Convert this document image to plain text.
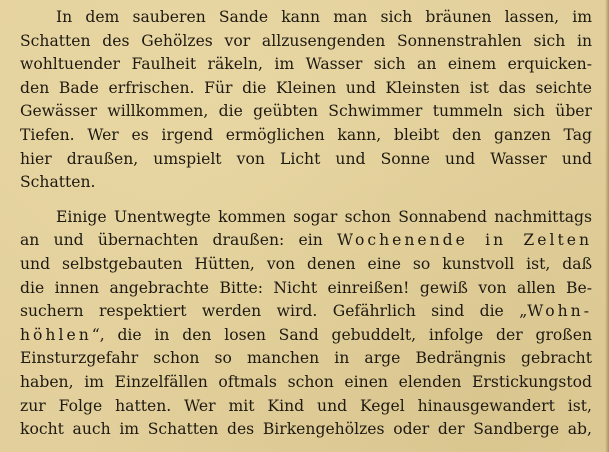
In dem sauberen Sande kann man sich bräunen lassen, im
Schatten des Gehölzes vor allzusengenden Sonnenstrahlen sich in
wohltuender Faulheit räkeln, im Wasser sich an einem erquicken-
den Bade erfrischen. Für die Kleinen und Kleinsten ist das seichte
Gewässer willkommen, die geübten Schwimmer tummeln sich über
Tiefen. Wer es irgend ermöglichen kann, bleibt den ganzen Tag
hier draußen, umspielt von Licht und Sonne und Wasser und
Schatten.
Einige Unentwegte kommen sogar schon Sonnabend nachmittags
an und übernachten draußen: ein Wochenende in Zelten
und selbstgebauten Hütten, von denen eine so kunstvoll ist, daß
die innen angebrachte Bitte: Nicht einreißen! gewiß von allen Be-
suchern respektiert werden wird. Gefährlich sind die „Wohn-
höhlen“, die in den losen Sand gebuddelt, infolge der großen
Einsturzgefahr schon so manchen in arge Bedrängnis gebracht
haben, im Einzelfällen oftmals schon einen elenden Erstickungstod
zur Folge hatten. Wer mit Kind und Kegel hinausgewandert ist,
kocht auch im Schatten des Birkengehölzes oder der Sandberge ab,
